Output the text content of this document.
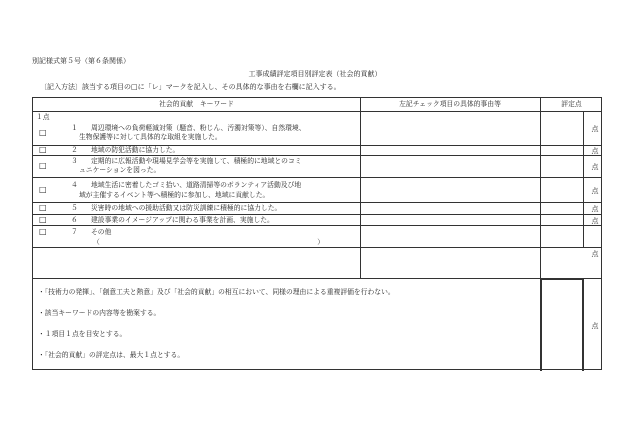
別記様式第５号（第６条関係）
工事成績評定項目別評定表（社会的貢献）
〔記入方法〕該当する項目の□に「レ」マークを記入し、その具体的な事由を右欄に記入する。
社会的貢献　キーワード	左記チェック項目の具体的事由等	評定点
１点
□	１ 周辺環境への負荷軽減対策（騒音、粉じん、汚濁対策等）、自然環境、
生物保護等に対して具体的な取組を実施した。
点
□	２ 地域の防犯活動に協力した。	点
□	３ 定期的に広報活動や現場見学会等を実施して、積極的に地域とのコミ
ュニケーションを図った。	点
□	４ 地域生活に密着したゴミ拾い、道路清掃等のボランティア活動及び地
域が主催するイベント等へ積極的に参加し、地域に貢献した。	点
□	５ 災害時の地域への援助活動又は防災訓練に積極的に協力した。	点
□	６ 建設事業のイメージアップに関わる事業を計画、実施した。	点
□	７ その他
（　　　　　　　　　　　　　　　　　　　　　　　　　　　　　　　　）
点
・「技術力の発揮」、「創意工夫と熱意」及び「社会的貢献」の相互において、同様の理由による重複評価を行わない。
・該当キーワードの内容等を勘案する。
・１項目１点を目安とする。
・「社会的貢献」の評定点は、最大１点とする。
点
